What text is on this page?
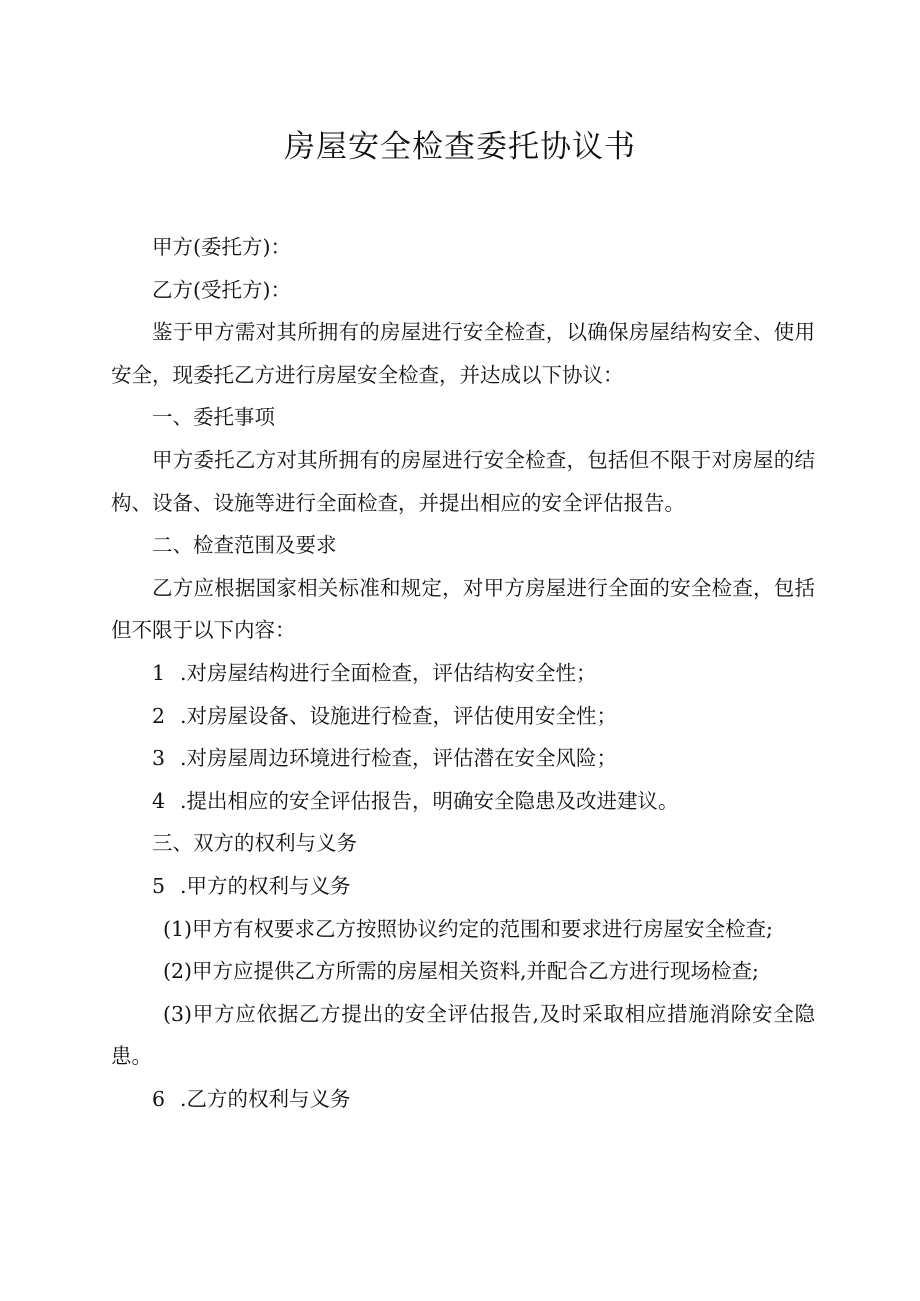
房屋安全检查委托协议书

甲方(委托方)：

乙方(受托方)：

鉴于甲方需对其所拥有的房屋进行安全检查，以确保房屋结构安全、使用安全，现委托乙方进行房屋安全检查，并达成以下协议：

一、委托事项

甲方委托乙方对其所拥有的房屋进行安全检查，包括但不限于对房屋的结构、设备、设施等进行全面检查，并提出相应的安全评估报告。

二、检查范围及要求

乙方应根据国家相关标准和规定，对甲方房屋进行全面的安全检查，包括但不限于以下内容：

1 .对房屋结构进行全面检查，评估结构安全性；

2 .对房屋设备、设施进行检查，评估使用安全性；

3 .对房屋周边环境进行检查，评估潜在安全风险；

4 .提出相应的安全评估报告，明确安全隐患及改进建议。

三、双方的权利与义务

5 .甲方的权利与义务

(1)甲方有权要求乙方按照协议约定的范围和要求进行房屋安全检查;

(2)甲方应提供乙方所需的房屋相关资料,并配合乙方进行现场检查;

(3)甲方应依据乙方提出的安全评估报告,及时采取相应措施消除安全隐患。

6 .乙方的权利与义务
